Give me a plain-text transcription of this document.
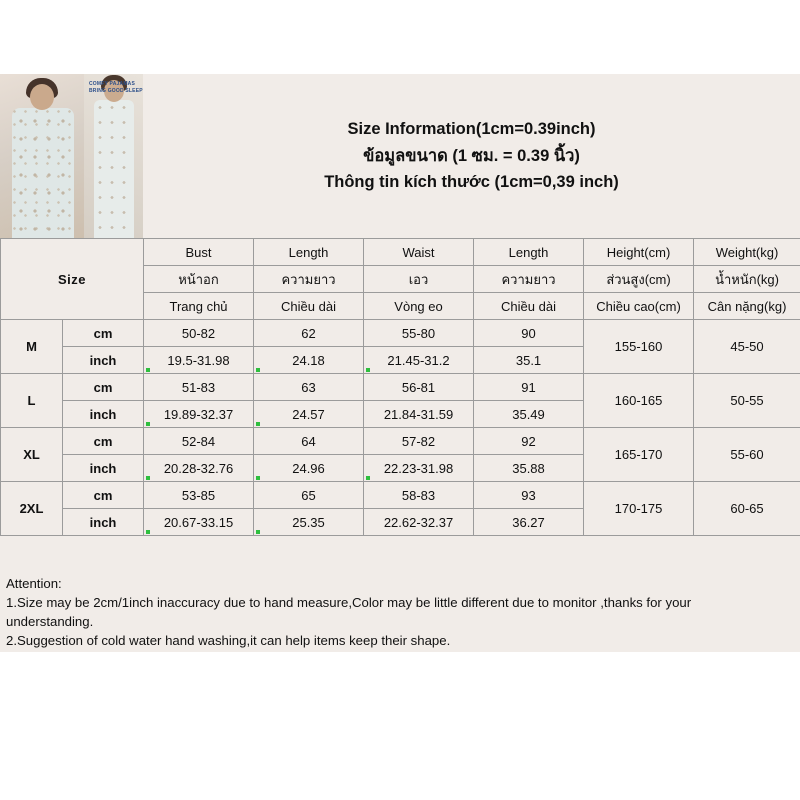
COMFY PAJAMAS
BRING GOOD SLEEP
Size Information(1cm=0.39inch)
ข้อมูลขนาด (1 ซม. = 0.39 นิ้ว)
Thông tin kích thước (1cm=0,39 inch)
Size		Bust	Length	Waist	Length	Height(cm)	Weight(kg)
		หน้าอก	ความยาว	เอว	ความยาว	ส่วนสูง(cm)	น้ำหนัก(kg)
		Trang chủ	Chiều dài	Vòng eo	Chiều dài	Chiều cao(cm)	Cân nặng(kg)
M	cm	50-82	62	55-80	90	155-160	45-50
	inch	19.5-31.98	24.18	21.45-31.2	35.1		
L	cm	51-83	63	56-81	91	160-165	50-55
	inch	19.89-32.37	24.57	21.84-31.59	35.49		
XL	cm	52-84	64	57-82	92	165-170	55-60
	inch	20.28-32.76	24.96	22.23-31.98	35.88		
2XL	cm	53-85	65	58-83	93	170-175	60-65
	inch	20.67-33.15	25.35	22.62-32.37	36.27		
Attention:
1.Size may be 2cm/1inch inaccuracy due to hand measure,Color may be little different due to monitor ,thanks for your
understanding.
2.Suggestion of cold water hand washing,it can help items keep their shape.
